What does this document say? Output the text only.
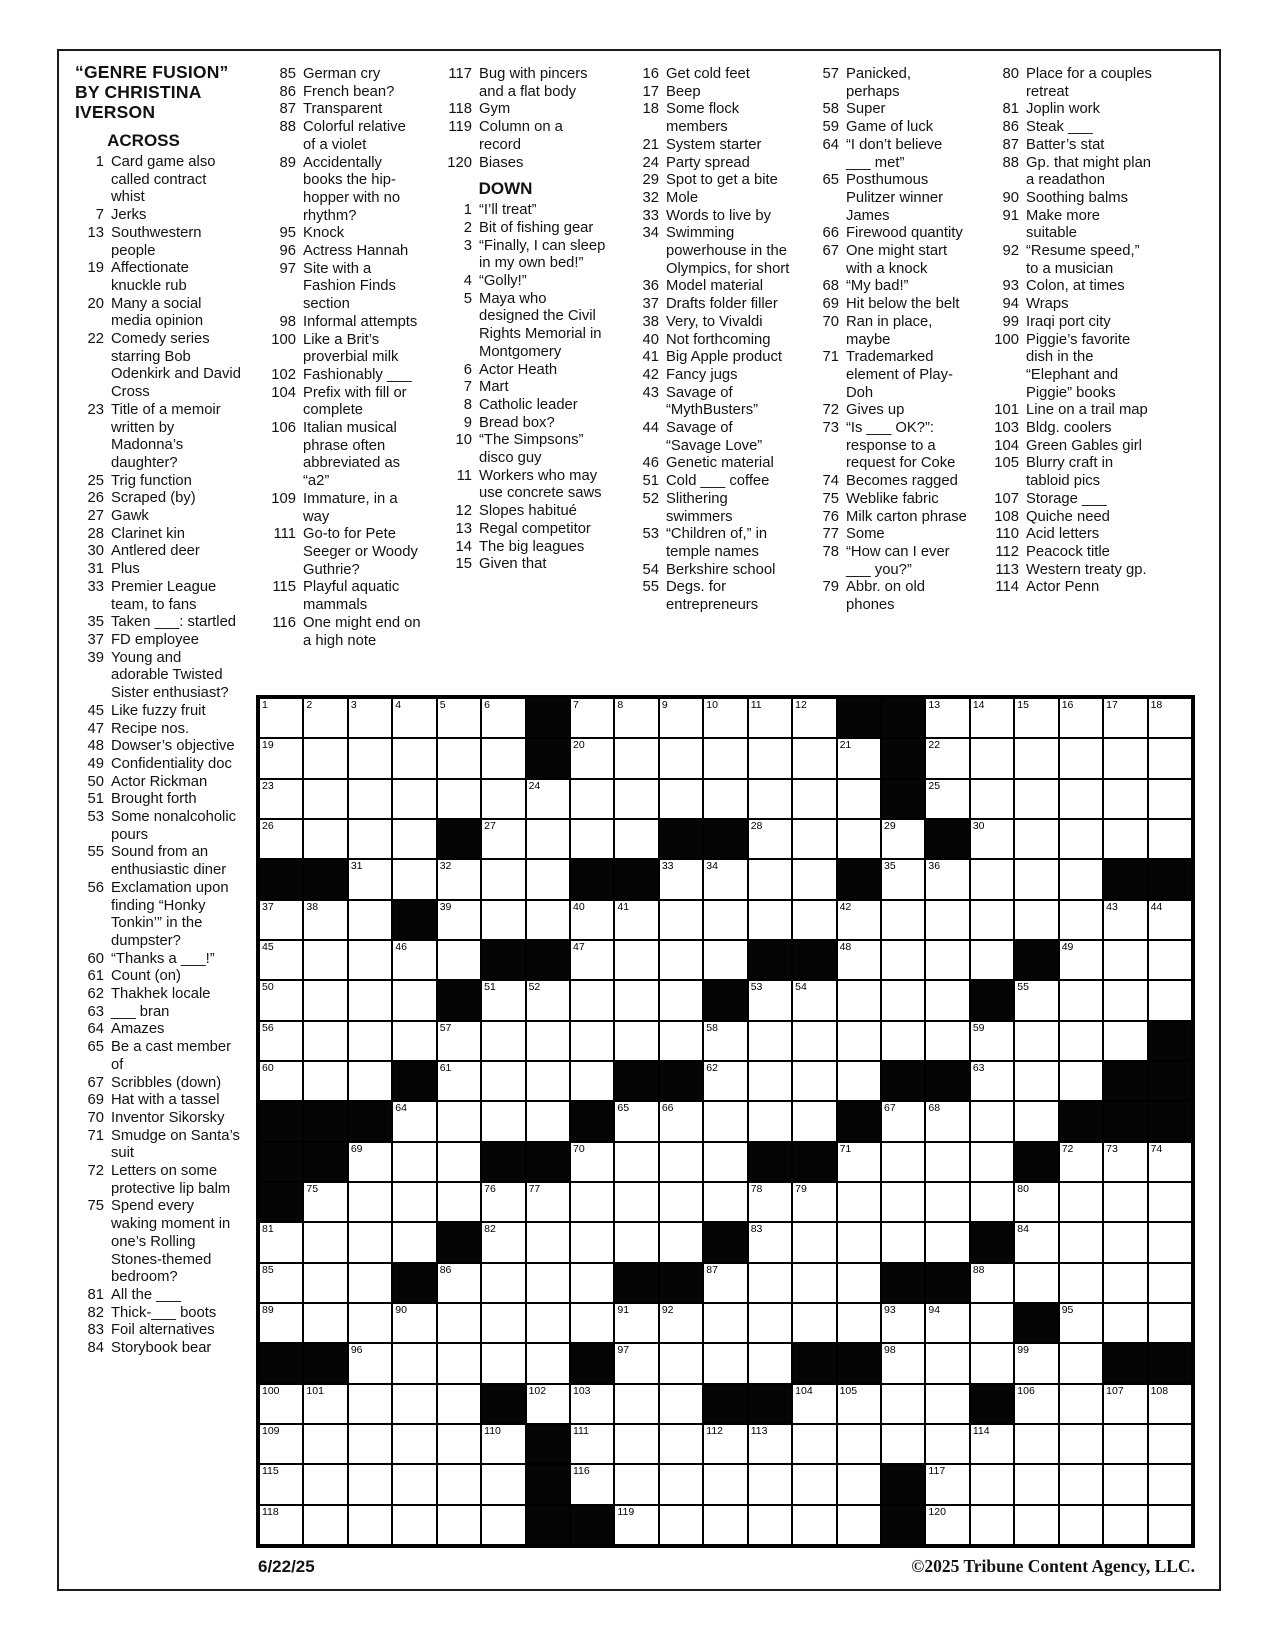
“GENRE FUSION”
BY CHRISTINA
IVERSON
ACROSS
1 Card game also called contract whist
7 Jerks
13 Southwestern people
19 Affectionate knuckle rub
20 Many a social media opinion
22 Comedy series starring Bob Odenkirk and David Cross
23 Title of a memoir written by Madonna’s daughter?
25 Trig function
26 Scraped (by)
27 Gawk
28 Clarinet kin
30 Antlered deer
31 Plus
33 Premier League team, to fans
35 Taken ___: startled
37 FD employee
39 Young and adorable Twisted Sister enthusiast?
45 Like fuzzy fruit
47 Recipe nos.
48 Dowser’s objective
49 Confidentiality doc
50 Actor Rickman
51 Brought forth
53 Some nonalcoholic pours
55 Sound from an enthusiastic diner
56 Exclamation upon finding “Honky Tonkin’” in the dumpster?
60 “Thanks a ___!”
61 Count (on)
62 Thakhek locale
63 ___ bran
64 Amazes
65 Be a cast member of
67 Scribbles (down)
69 Hat with a tassel
70 Inventor Sikorsky
71 Smudge on Santa’s suit
72 Letters on some protective lip balm
75 Spend every waking moment in one’s Rolling Stones-themed bedroom?
81 All the ___
82 Thick-___ boots
83 Foil alternatives
84 Storybook bear
85 German cry
86 French bean?
87 Transparent
88 Colorful relative of a violet
89 Accidentally books the hip-hopper with no rhythm?
95 Knock
96 Actress Hannah
97 Site with a Fashion Finds section
98 Informal attempts
100 Like a Brit’s proverbial milk
102 Fashionably ___
104 Prefix with fill or complete
106 Italian musical phrase often abbreviated as “a2”
109 Immature, in a way
111 Go-to for Pete Seeger or Woody Guthrie?
115 Playful aquatic mammals
116 One might end on a high note
117 Bug with pincers and a flat body
118 Gym
119 Column on a record
120 Biases
DOWN
1 “I’ll treat”
2 Bit of fishing gear
3 “Finally, I can sleep in my own bed!”
4 “Golly!”
5 Maya who designed the Civil Rights Memorial in Montgomery
6 Actor Heath
7 Mart
8 Catholic leader
9 Bread box?
10 “The Simpsons” disco guy
11 Workers who may use concrete saws
12 Slopes habitué
13 Regal competitor
14 The big leagues
15 Given that
16 Get cold feet
17 Beep
18 Some flock members
21 System starter
24 Party spread
29 Spot to get a bite
32 Mole
33 Words to live by
34 Swimming powerhouse in the Olympics, for short
36 Model material
37 Drafts folder filler
38 Very, to Vivaldi
40 Not forthcoming
41 Big Apple product
42 Fancy jugs
43 Savage of “MythBusters”
44 Savage of “Savage Love”
46 Genetic material
51 Cold ___ coffee
52 Slithering swimmers
53 “Children of,” in temple names
54 Berkshire school
55 Degs. for entrepreneurs
57 Panicked, perhaps
58 Super
59 Game of luck
64 “I don’t believe ___ met”
65 Posthumous Pulitzer winner James
66 Firewood quantity
67 One might start with a knock
68 “My bad!”
69 Hit below the belt
70 Ran in place, maybe
71 Trademarked element of Play-Doh
72 Gives up
73 “Is ___ OK?”: response to a request for Coke
74 Becomes ragged
75 Weblike fabric
76 Milk carton phrase
77 Some
78 “How can I ever ___ you?”
79 Abbr. on old phones
80 Place for a couples retreat
81 Joplin work
86 Steak ___
87 Batter’s stat
88 Gp. that might plan a readathon
90 Soothing balms
91 Make more suitable
92 “Resume speed,” to a musician
93 Colon, at times
94 Wraps
99 Iraqi port city
100 Piggie’s favorite dish in the “Elephant and Piggie” books
101 Line on a trail map
103 Bldg. coolers
104 Green Gables girl
105 Blurry craft in tabloid pics
107 Storage ___
108 Quiche need
110 Acid letters
112 Peacock title
113 Western treaty gp.
114 Actor Penn
1	2	3	4	5	6	7	8	9	10	11	12	13	14	15	16	17	18
19	20	21	22
23	24	25
26	27	28	29	30
31	32	33	34	35	36
37	38	39	40	41	42	43	44
45	46	47	48	49
50	51	52	53	54	55
56	57	58	59
60	61	62	63
64	65	66	67	68
69	70	71	72	73	74
75	76	77	78	79	80
81	82	83	84
85	86	87	88
89	90	91	92	93	94	95
96	97	98	99
100	101	102	103	104	105	106	107	108
109	110	111	112	113	114
115	116	117
118	119	120
6/22/25	©2025 Tribune Content Agency, LLC.
